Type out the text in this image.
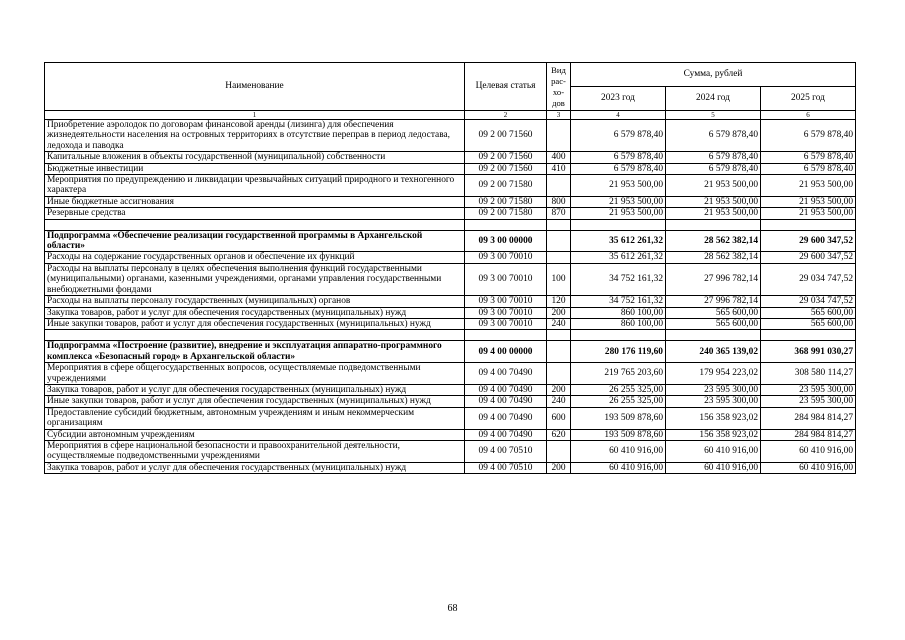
Наименование	Целевая статья	Вид рас-хо-дов	Сумма, рублей		
			2023 год	2024 год	2025 год
1	2	3	4	5	6
Приобретение аэролодок по договорам финансовой аренды (лизинга) для обеспечения жизнедеятельности населения на островных территориях в отсутствие переправ в период ледостава, ледохода и паводка	09 2 00 71560		6 579 878,40	6 579 878,40	6 579 878,40
Капитальные вложения в объекты государственной (муниципальной) собственности	09 2 00 71560	400	6 579 878,40	6 579 878,40	6 579 878,40
Бюджетные инвестиции	09 2 00 71560	410	6 579 878,40	6 579 878,40	6 579 878,40
Мероприятия по предупреждению и ликвидации чрезвычайных ситуаций природного и техногенного характера	09 2 00 71580		21 953 500,00	21 953 500,00	21 953 500,00
Иные бюджетные ассигнования	09 2 00 71580	800	21 953 500,00	21 953 500,00	21 953 500,00
Резервные средства	09 2 00 71580	870	21 953 500,00	21 953 500,00	21 953 500,00

Подпрограмма «Обеспечение реализации государственной программы в Архангельской области»	09 3 00 00000		35 612 261,32	28 562 382,14	29 600 347,52
Расходы на содержание государственных органов и обеспечение их функций	09 3 00 70010		35 612 261,32	28 562 382,14	29 600 347,52
Расходы на выплаты персоналу в целях обеспечения выполнения функций государственными (муниципальными) органами, казенными учреждениями, органами управления государственными внебюджетными фондами	09 3 00 70010	100	34 752 161,32	27 996 782,14	29 034 747,52
Расходы на выплаты персоналу государственных (муниципальных) органов	09 3 00 70010	120	34 752 161,32	27 996 782,14	29 034 747,52
Закупка товаров, работ и услуг для обеспечения государственных (муниципальных) нужд	09 3 00 70010	200	860 100,00	565 600,00	565 600,00
Иные закупки товаров, работ и услуг для обеспечения государственных (муниципальных) нужд	09 3 00 70010	240	860 100,00	565 600,00	565 600,00

Подпрограмма «Построение (развитие), внедрение и эксплуатация аппаратно-программного комплекса «Безопасный город» в Архангельской области»	09 4 00 00000		280 176 119,60	240 365 139,02	368 991 030,27
Мероприятия в сфере общегосударственных вопросов, осуществляемые подведомственными учреждениями	09 4 00 70490		219 765 203,60	179 954 223,02	308 580 114,27
Закупка товаров, работ и услуг для обеспечения государственных (муниципальных) нужд	09 4 00 70490	200	26 255 325,00	23 595 300,00	23 595 300,00
Иные закупки товаров, работ и услуг для обеспечения государственных (муниципальных) нужд	09 4 00 70490	240	26 255 325,00	23 595 300,00	23 595 300,00
Предоставление субсидий бюджетным, автономным учреждениям и иным некоммерческим организациям	09 4 00 70490	600	193 509 878,60	156 358 923,02	284 984 814,27
Субсидии автономным учреждениям	09 4 00 70490	620	193 509 878,60	156 358 923,02	284 984 814,27
Мероприятия в сфере национальной безопасности и правоохранительной деятельности, осуществляемые подведомственными учреждениями	09 4 00 70510		60 410 916,00	60 410 916,00	60 410 916,00
Закупка товаров, работ и услуг для обеспечения государственных (муниципальных) нужд	09 4 00 70510	200	60 410 916,00	60 410 916,00	60 410 916,00
68
